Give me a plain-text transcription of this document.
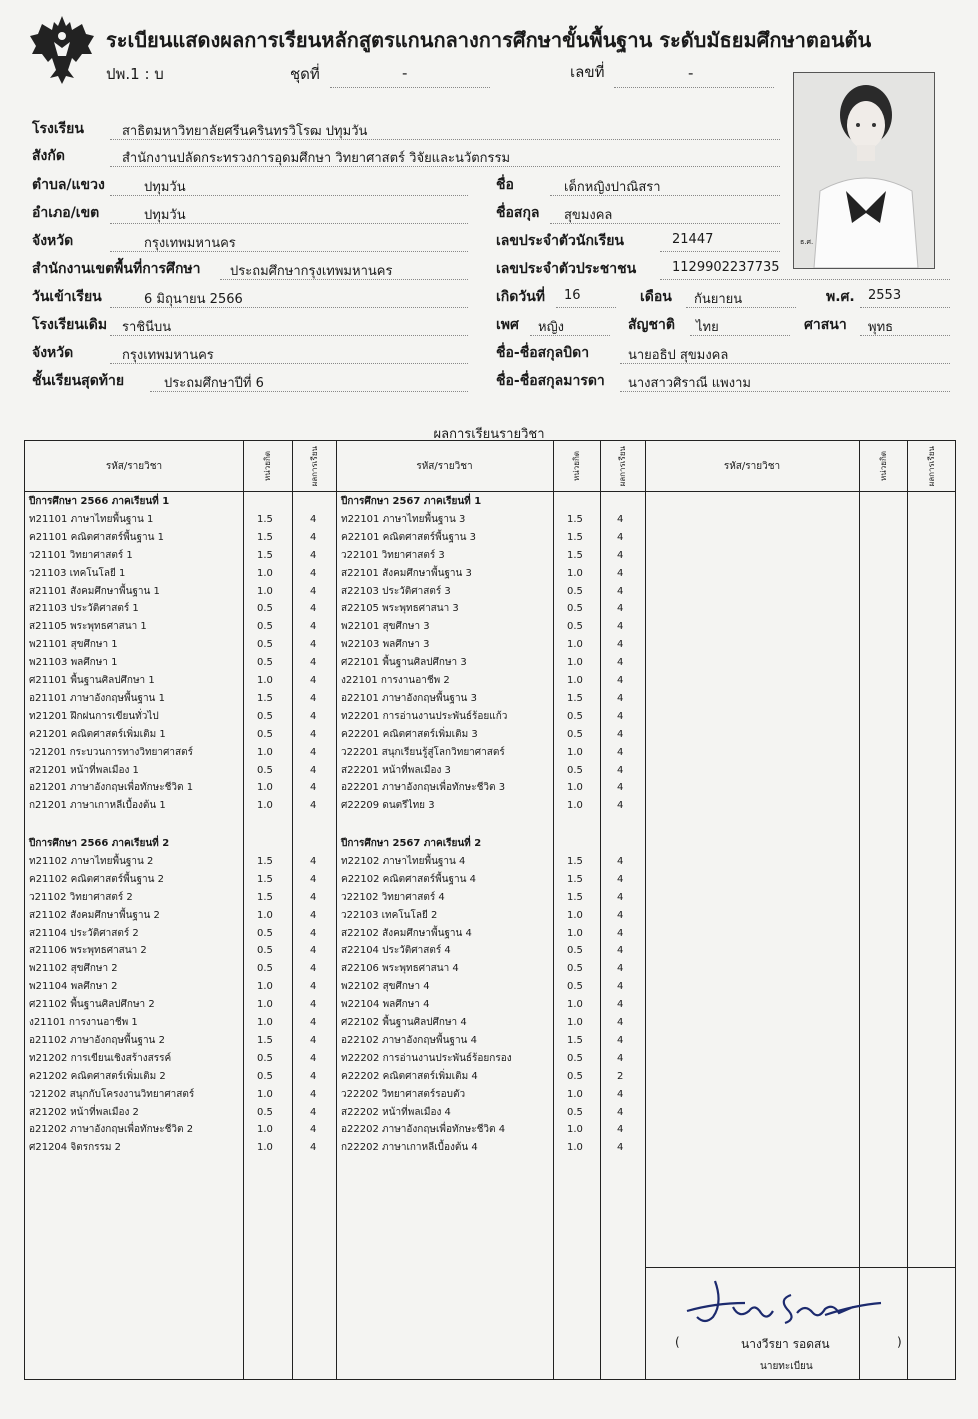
ระเบียนแสดงผลการเรียนหลักสูตรแกนกลางการศึกษาขั้นพื้นฐาน ระดับมัธยมศึกษาตอนต้น
ปพ.1 : บ	ชุดที่	-	เลขที่	-
ธ.ศ.
โรงเรียน	สาธิตมหาวิทยาลัยศรีนครินทรวิโรฒ ปทุมวัน
สังกัด	สำนักงานปลัดกระทรวงการอุดมศึกษา วิทยาศาสตร์ วิจัยและนวัตกรรม
ตำบล/แขวง	ปทุมวัน
อำเภอ/เขต	ปทุมวัน
จังหวัด	กรุงเทพมหานคร
สำนักงานเขตพื้นที่การศึกษา ประถมศึกษากรุงเทพมหานคร
วันเข้าเรียน	6 มิถุนายน 2566
โรงเรียนเดิม ราชินีบน
จังหวัด	กรุงเทพมหานคร
ชั้นเรียนสุดท้าย	ประถมศึกษาปีที่ 6
ชื่อ	เด็กหญิงปาณิสรา
ชื่อสกุล สุขมงคล
เลขประจำตัวนักเรียน	21447
เลขประจำตัวประชาชน	1129902237735
เกิดวันที่ 16	เดือน กันยายน	พ.ศ. 2553
เพศ หญิง	สัญชาติ ไทย	ศาสนา พุทธ
ชื่อ-ชื่อสกุลบิดา	นายอธิป สุขมงคล
ชื่อ-ชื่อสกุลมารดา นางสาวศิราณี แพงาม
ผลการเรียนรายวิชา
รหัส/รายวิชา	หน่วยกิต	ผลการเรียน	รหัส/รายวิชา	หน่วยกิต	ผลการเรียน	รหัส/รายวิชา	หน่วยกิต	ผลการเรียน
ปีการศึกษา 2566 ภาคเรียนที่ 1
ท21101 ภาษาไทยพื้นฐาน 1	1.5	4
ค21101 คณิตศาสตร์พื้นฐาน 1	1.5	4
ว21101 วิทยาศาสตร์ 1	1.5	4
ว21103 เทคโนโลยี 1	1.0	4
ส21101 สังคมศึกษาพื้นฐาน 1	1.0	4
ส21103 ประวัติศาสตร์ 1	0.5	4
ส21105 พระพุทธศาสนา 1	0.5	4
พ21101 สุขศึกษา 1	0.5	4
พ21103 พลศึกษา 1	0.5	4
ศ21101 พื้นฐานศิลปศึกษา 1	1.0	4
อ21101 ภาษาอังกฤษพื้นฐาน 1	1.5	4
ท21201 ฝึกฝนการเขียนทั่วไป	0.5	4
ค21201 คณิตศาสตร์เพิ่มเติม 1	0.5	4
ว21201 กระบวนการทางวิทยาศาสตร์	1.0	4
ส21201 หน้าที่พลเมือง 1	0.5	4
อ21201 ภาษาอังกฤษเพื่อทักษะชีวิต 1	1.0	4
ก21201 ภาษาเกาหลีเบื้องต้น 1	1.0	4
ปีการศึกษา 2566 ภาคเรียนที่ 2
ท21102 ภาษาไทยพื้นฐาน 2	1.5	4
ค21102 คณิตศาสตร์พื้นฐาน 2	1.5	4
ว21102 วิทยาศาสตร์ 2	1.5	4
ส21102 สังคมศึกษาพื้นฐาน 2	1.0	4
ส21104 ประวัติศาสตร์ 2	0.5	4
ส21106 พระพุทธศาสนา 2	0.5	4
พ21102 สุขศึกษา 2	0.5	4
พ21104 พลศึกษา 2	1.0	4
ศ21102 พื้นฐานศิลปศึกษา 2	1.0	4
ง21101 การงานอาชีพ 1	1.0	4
อ21102 ภาษาอังกฤษพื้นฐาน 2	1.5	4
ท21202 การเขียนเชิงสร้างสรรค์	0.5	4
ค21202 คณิตศาสตร์เพิ่มเติม 2	0.5	4
ว21202 สนุกกับโครงงานวิทยาศาสตร์	1.0	4
ส21202 หน้าที่พลเมือง 2	0.5	4
อ21202 ภาษาอังกฤษเพื่อทักษะชีวิต 2	1.0	4
ศ21204 จิตรกรรม 2	1.0	4
ปีการศึกษา 2567 ภาคเรียนที่ 1
ท22101 ภาษาไทยพื้นฐาน 3	1.5	4
ค22101 คณิตศาสตร์พื้นฐาน 3	1.5	4
ว22101 วิทยาศาสตร์ 3	1.5	4
ส22101 สังคมศึกษาพื้นฐาน 3	1.0	4
ส22103 ประวัติศาสตร์ 3	0.5	4
ส22105 พระพุทธศาสนา 3	0.5	4
พ22101 สุขศึกษา 3	0.5	4
พ22103 พลศึกษา 3	1.0	4
ศ22101 พื้นฐานศิลปศึกษา 3	1.0	4
ง22101 การงานอาชีพ 2	1.0	4
อ22101 ภาษาอังกฤษพื้นฐาน 3	1.5	4
ท22201 การอ่านงานประพันธ์ร้อยแก้ว	0.5	4
ค22201 คณิตศาสตร์เพิ่มเติม 3	0.5	4
ว22201 สนุกเรียนรู้สู่โลกวิทยาศาสตร์	1.0	4
ส22201 หน้าที่พลเมือง 3	0.5	4
อ22201 ภาษาอังกฤษเพื่อทักษะชีวิต 3	1.0	4
ศ22209 ดนตรีไทย 3	1.0	4
ปีการศึกษา 2567 ภาคเรียนที่ 2
ท22102 ภาษาไทยพื้นฐาน 4	1.5	4
ค22102 คณิตศาสตร์พื้นฐาน 4	1.5	4
ว22102 วิทยาศาสตร์ 4	1.5	4
ว22103 เทคโนโลยี 2	1.0	4
ส22102 สังคมศึกษาพื้นฐาน 4	1.0	4
ส22104 ประวัติศาสตร์ 4	0.5	4
ส22106 พระพุทธศาสนา 4	0.5	4
พ22102 สุขศึกษา 4	0.5	4
พ22104 พลศึกษา 4	1.0	4
ศ22102 พื้นฐานศิลปศึกษา 4	1.0	4
อ22102 ภาษาอังกฤษพื้นฐาน 4	1.5	4
ท22202 การอ่านงานประพันธ์ร้อยกรอง	0.5	4
ค22202 คณิตศาสตร์เพิ่มเติม 4	0.5	2
ว22202 วิทยาศาสตร์รอบตัว	1.0	4
ส22202 หน้าที่พลเมือง 4	0.5	4
อ22202 ภาษาอังกฤษเพื่อทักษะชีวิต 4	1.0	4
ก22202 ภาษาเกาหลีเบื้องต้น 4	1.0	4
(	นางวีรยา รอดสน	)
นายทะเบียน
